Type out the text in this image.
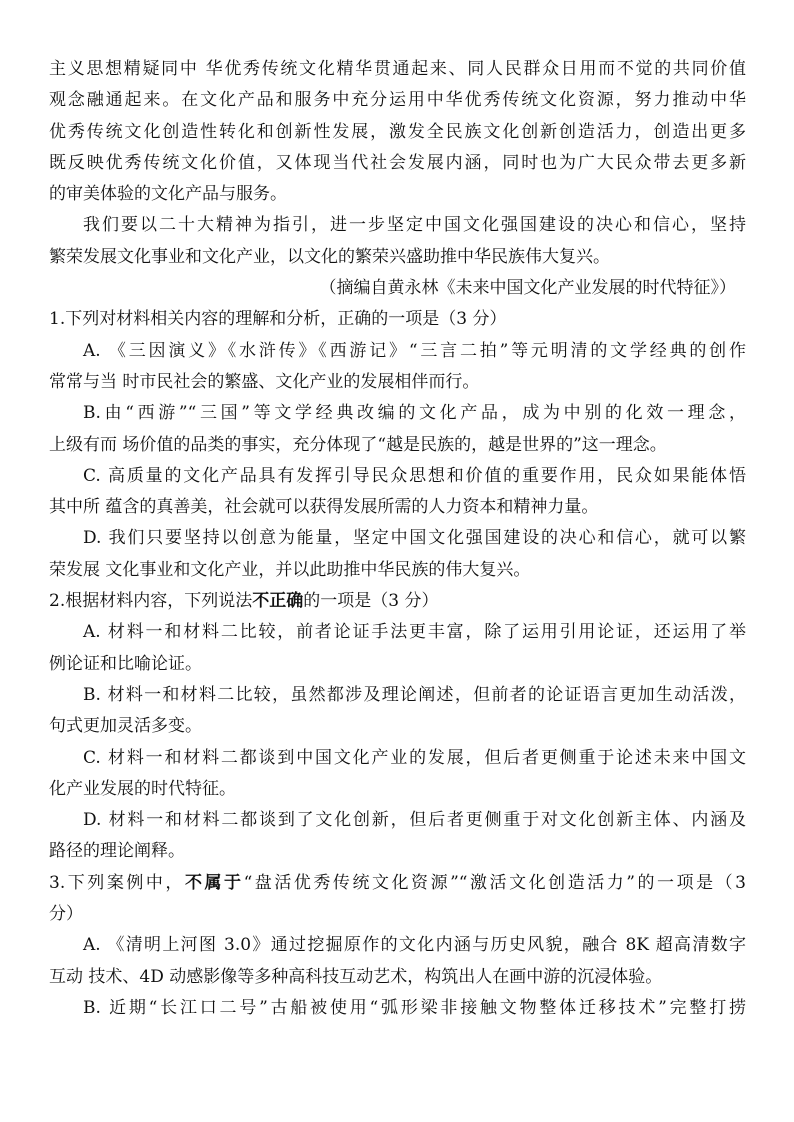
主义思想精疑同中 华优秀传统文化精华贯通起来、同人民群众日用而不觉的共同价值
观念融通起来。在文化产品和服务中充分运用中华优秀传统文化资源，努力推动中华
优秀传统文化创造性转化和创新性发展，激发全民族文化创新创造活力，创造出更多
既反映优秀传统文化价值，又体现当代社会发展内涵，同时也为广大民众带去更多新
的审美体验的文化产品与服务。
我们要以二十大精神为指引，进一步坚定中国文化强国建设的决心和信心，坚持
繁荣发展文化事业和文化产业，以文化的繁荣兴盛助推中华民族伟大复兴。
（摘编自黄永林《未来中国文化产业发展的时代特征》）
1.下列对材料相关内容的理解和分析，正确的一项是（3 分）
A. 《三因演义》《水浒传》《西游记》“三言二拍”等元明清的文学经典的创作
常常与当 时市民社会的繁盛、文化产业的发展相伴而行。
B.由“西游”“三国”等文学经典改编的文化产品，成为中别的化效一理念，
上级有而 场价值的品类的事实，充分体现了“越是民族的，越是世界的”这一理念。
C. 高质量的文化产品具有发挥引导民众思想和价值的重要作用，民众如果能体悟
其中所 蕴含的真善美，社会就可以获得发展所需的人力资本和精神力量。
D. 我们只要坚持以创意为能量，坚定中国文化强国建设的决心和信心，就可以繁
荣发展 文化事业和文化产业，并以此助推中华民族的伟大复兴。
2.根据材料内容，下列说法不正确的一项是（3 分）
A. 材料一和材料二比较，前者论证手法更丰富，除了运用引用论证，还运用了举
例论证和比喻论证。
B. 材料一和材料二比较，虽然都涉及理论阐述，但前者的论证语言更加生动活泼，
句式更加灵活多变。
C. 材料一和材料二都谈到中国文化产业的发展，但后者更侧重于论述未来中国文
化产业发展的时代特征。
D. 材料一和材料二都谈到了文化创新，但后者更侧重于对文化创新主体、内涵及
路径的理论阐释。
3.下列案例中，不属于“盘活优秀传统文化资源”“激活文化创造活力”的一项是（3
分）
A. 《清明上河图 3.0》通过挖掘原作的文化内涵与历史风貌，融合 8K 超高清数字
互动 技术、4D 动感影像等多种高科技互动艺术，构筑出人在画中游的沉浸体验。
B. 近期“长江口二号”古船被使用“弧形梁非接触文物整体迁移技术”完整打捞
